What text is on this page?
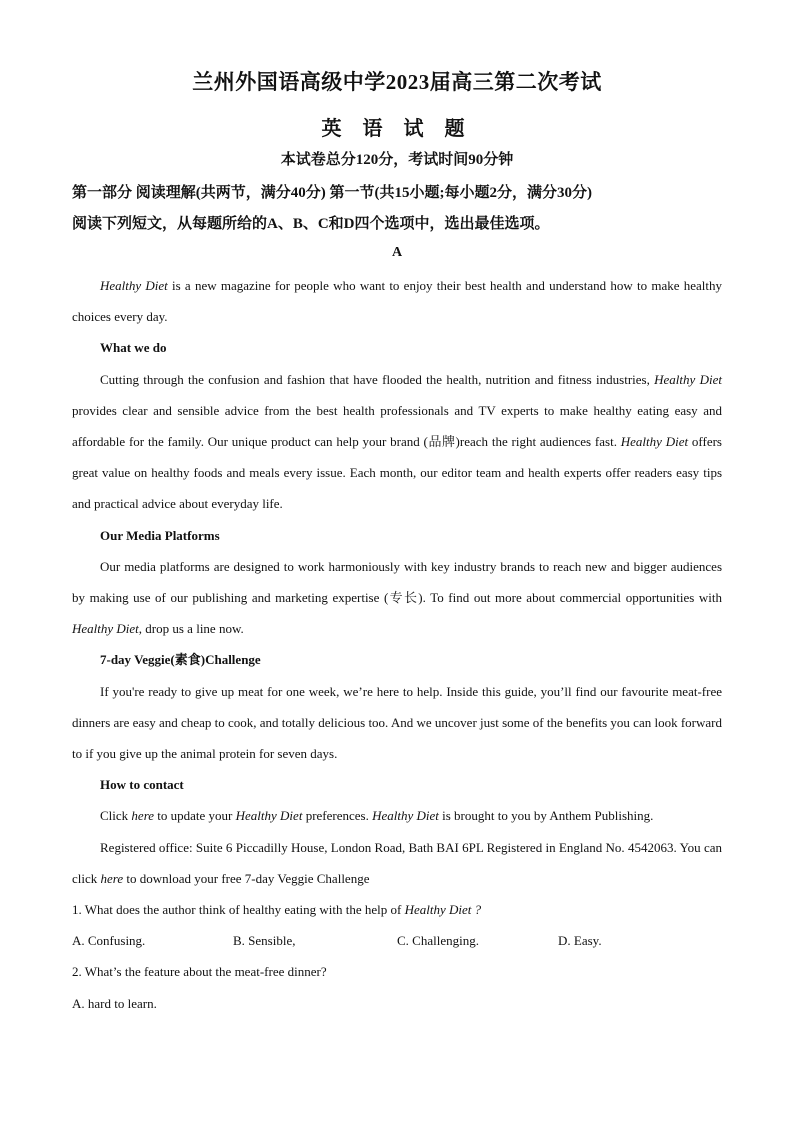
兰州外国语高级中学2023届高三第二次考试
英 语 试 题
本试卷总分120分，考试时间90分钟
第一部分 阅读理解(共两节，满分40分) 第一节(共15小题;每小题2分，满分30分)
阅读下列短文，从每题所给的A、B、C和D四个选项中，选出最佳选项。
A

Healthy Diet is a new magazine for people who want to enjoy their best health and understand how to make healthy choices every day.

What we do

Cutting through the confusion and fashion that have flooded the health, nutrition and fitness industries, Healthy Diet provides clear and sensible advice from the best health professionals and TV experts to make healthy eating easy and affordable for the family. Our unique product can help your brand (品牌)reach the right audiences fast. Healthy Diet offers great value on healthy foods and meals every issue. Each month, our editor team and health experts offer readers easy tips and practical advice about everyday life.

Our Media Platforms

Our media platforms are designed to work harmoniously with key industry brands to reach new and bigger audiences by making use of our publishing and marketing expertise (专长). To find out more about commercial opportunities with Healthy Diet, drop us a line now.

7-day Veggie(素食)Challenge

If you're ready to give up meat for one week, we’re here to help. Inside this guide, you’ll find our favourite meat-free dinners are easy and cheap to cook, and totally delicious too. And we uncover just some of the benefits you can look forward to if you give up the animal protein for seven days.

How to contact

Click here to update your Healthy Diet preferences. Healthy Diet is brought to you by Anthem Publishing.

Registered office: Suite 6 Piccadilly House, London Road, Bath BAI 6PL Registered in England No. 4542063. You can click here to download your free 7-day Veggie Challenge

1. What does the author think of healthy eating with the help of Healthy Diet ?

A. Confusing.	B. Sensible,	C. Challenging.	D. Easy.

2. What’s the feature about the meat-free dinner?

A. hard to learn.
